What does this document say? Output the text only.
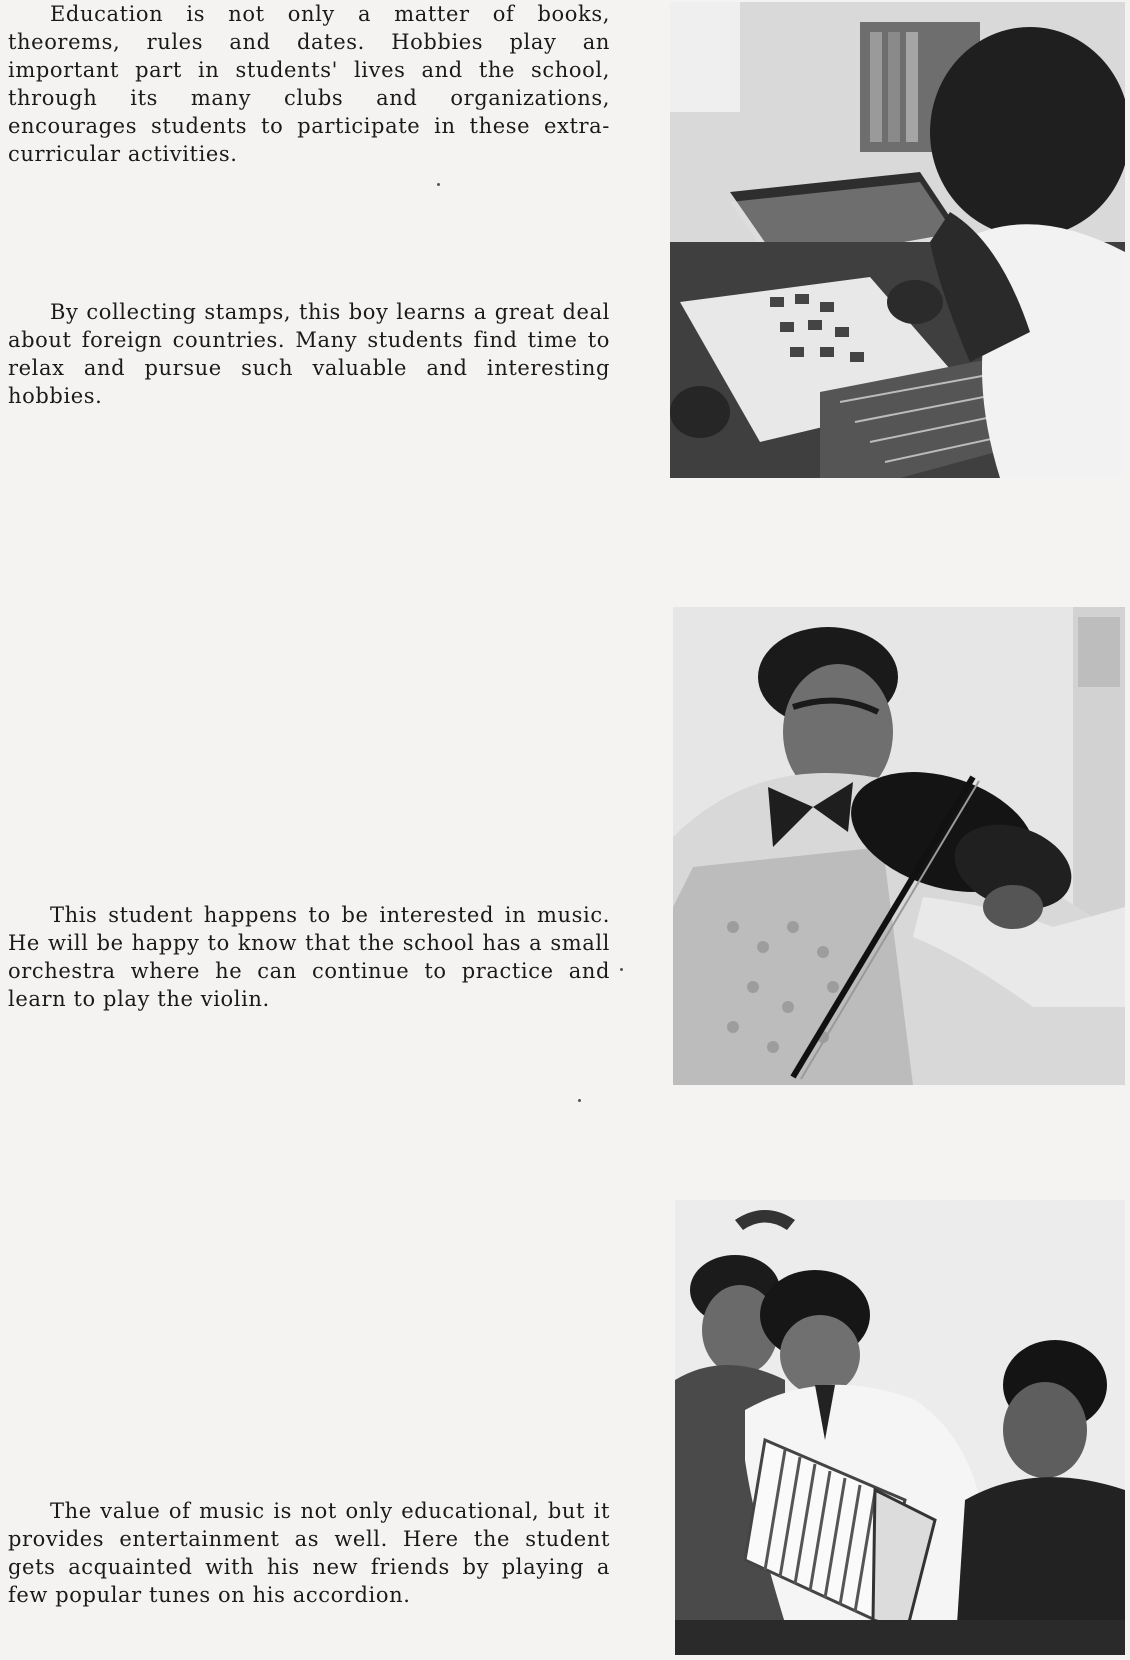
Education is not only a matter of books, theorems, rules and dates. Hobbies play an important part in students' lives and the school, through its many clubs and organizations, encourages students to participate in these extra-curricular activities.

By collecting stamps, this boy learns a great deal about foreign countries. Many students find time to relax and pursue such valuable and interesting hobbies.

This student happens to be interested in music. He will be happy to know that the school has a small orchestra where he can continue to practice and learn to play the violin.

The value of music is not only educational, but it provides entertainment as well. Here the student gets acquainted with his new friends by playing a few popular tunes on his accordion.
